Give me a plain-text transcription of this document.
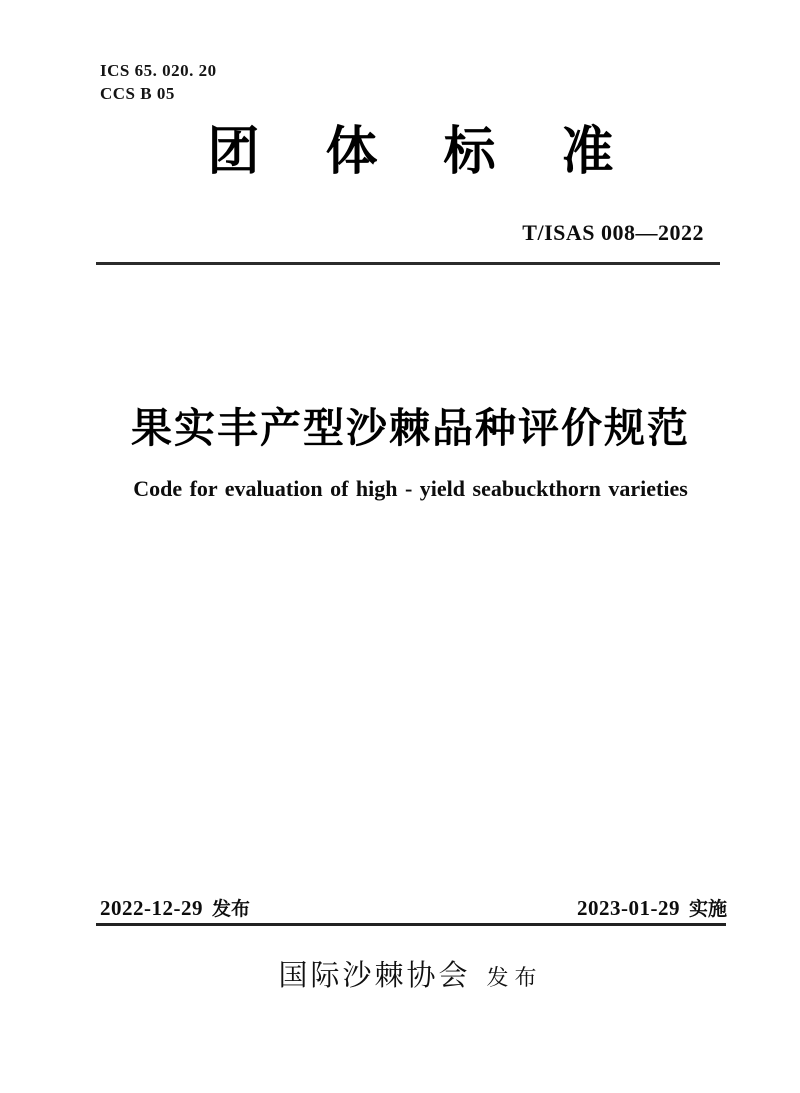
ICS 65. 020. 20
CCS B 05
团体标准
T/ISAS 008—2022
果实丰产型沙棘品种评价规范
Code for evaluation of high - yield seabuckthorn varieties
2022-12-29 发布	2023-01-29 实施
国际沙棘协会 发布
